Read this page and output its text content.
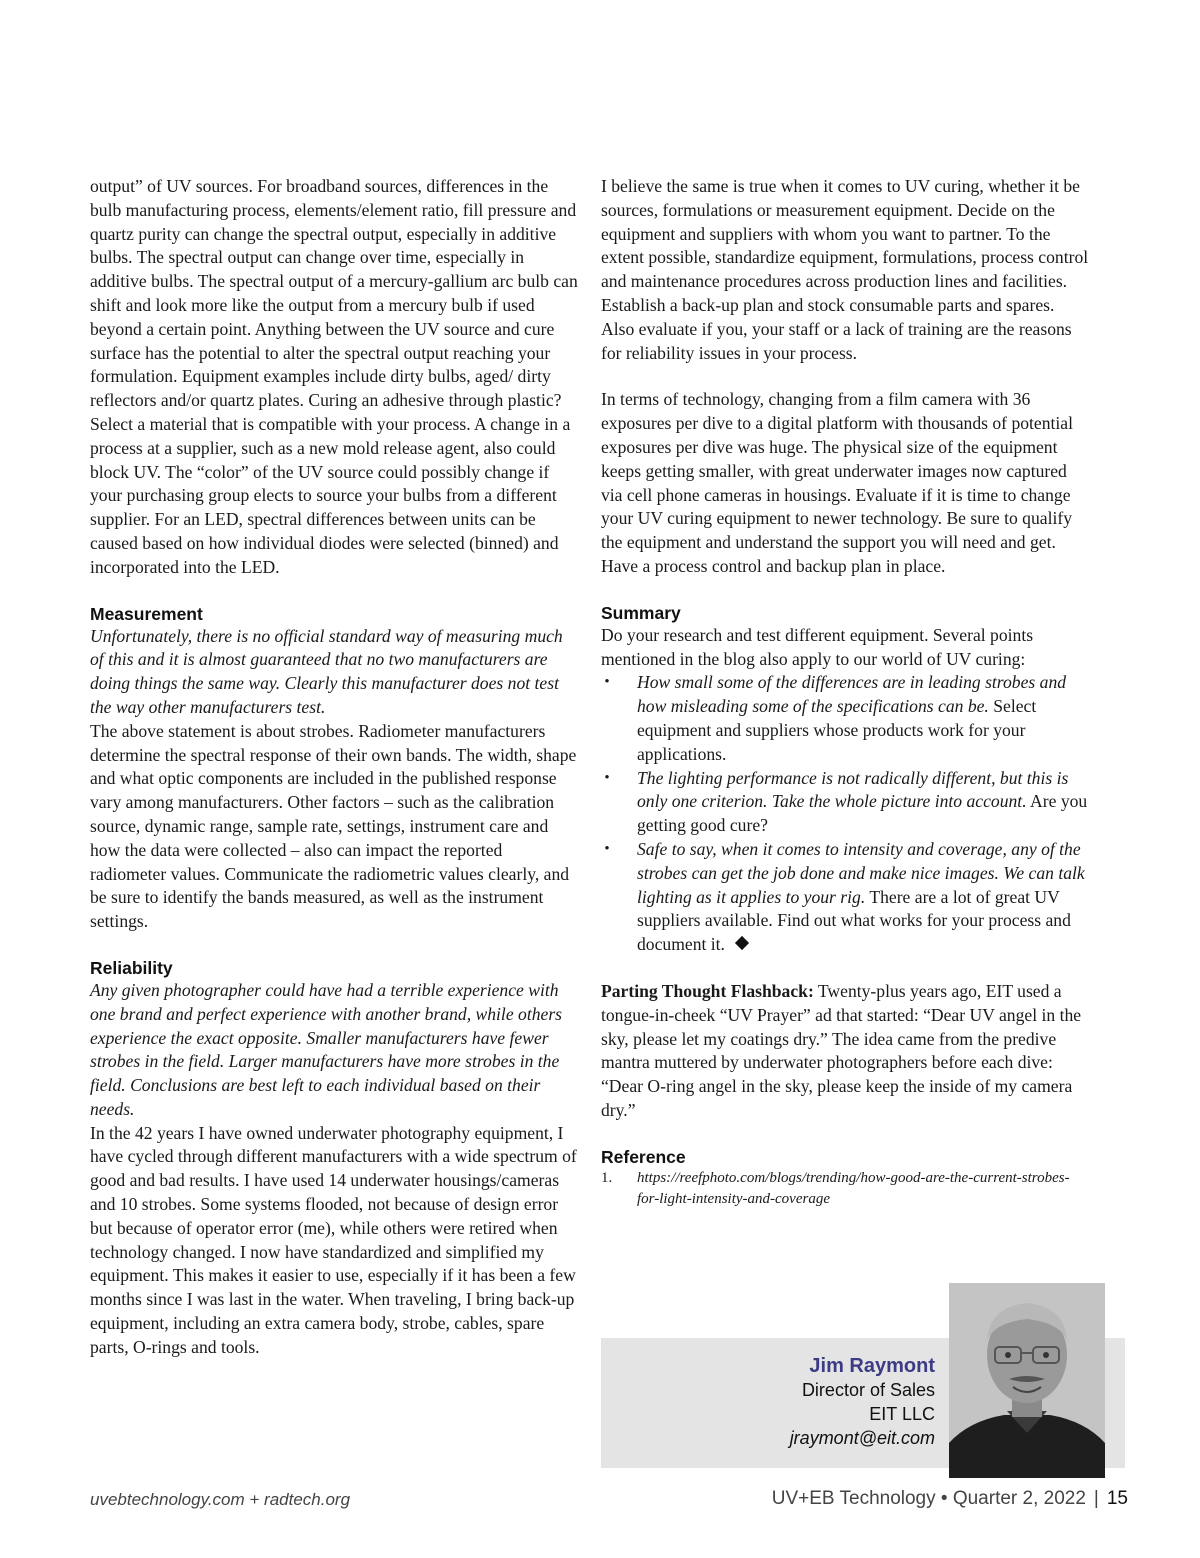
output” of UV sources. For broadband sources, differences in the bulb manufacturing process, elements/element ratio, fill pressure and quartz purity can change the spectral output, especially in additive bulbs. The spectral output can change over time, especially in additive bulbs. The spectral output of a mercury-gallium arc bulb can shift and look more like the output from a mercury bulb if used beyond a certain point. Anything between the UV source and cure surface has the potential to alter the spectral output reaching your formulation. Equipment examples include dirty bulbs, aged/ dirty reflectors and/or quartz plates. Curing an adhesive through plastic? Select a material that is compatible with your process. A change in a process at a supplier, such as a new mold release agent, also could block UV. The “color” of the UV source could possibly change if your purchasing group elects to source your bulbs from a different supplier. For an LED, spectral differences between units can be caused based on how individual diodes were selected (binned) and incorporated into the LED.

Measurement

Unfortunately, there is no official standard way of measuring much of this and it is almost guaranteed that no two manufacturers are doing things the same way. Clearly this manufacturer does not test the way other manufacturers test.

The above statement is about strobes. Radiometer manufacturers determine the spectral response of their own bands. The width, shape and what optic components are included in the published response vary among manufacturers. Other factors – such as the calibration source, dynamic range, sample rate, settings, instrument care and how the data were collected – also can impact the reported radiometer values. Communicate the radiometric values clearly, and be sure to identify the bands measured, as well as the instrument settings.

Reliability

Any given photographer could have had a terrible experience with one brand and perfect experience with another brand, while others experience the exact opposite. Smaller manufacturers have fewer strobes in the field. Larger manufacturers have more strobes in the field. Conclusions are best left to each individual based on their needs.

In the 42 years I have owned underwater photography equipment, I have cycled through different manufacturers with a wide spectrum of good and bad results. I have used 14 underwater housings/cameras and 10 strobes. Some systems flooded, not because of design error but because of operator error (me), while others were retired when technology changed. I now have standardized and simplified my equipment. This makes it easier to use, especially if it has been a few months since I was last in the water. When traveling, I bring back-up equipment, including an extra camera body, strobe, cables, spare parts, O-rings and tools.

I believe the same is true when it comes to UV curing, whether it be sources, formulations or measurement equipment. Decide on the equipment and suppliers with whom you want to partner. To the extent possible, standardize equipment, formulations, process control and maintenance procedures across production lines and facilities. Establish a back-up plan and stock consumable parts and spares. Also evaluate if you, your staff or a lack of training are the reasons for reliability issues in your process.

In terms of technology, changing from a film camera with 36 exposures per dive to a digital platform with thousands of potential exposures per dive was huge. The physical size of the equipment keeps getting smaller, with great underwater images now captured via cell phone cameras in housings. Evaluate if it is time to change your UV curing equipment to newer technology. Be sure to qualify the equipment and understand the support you will need and get. Have a process control and backup plan in place.

Summary

Do your research and test different equipment. Several points mentioned in the blog also apply to our world of UV curing:

• How small some of the differences are in leading strobes and how misleading some of the specifications can be. Select equipment and suppliers whose products work for your applications.
• The lighting performance is not radically different, but this is only one criterion. Take the whole picture into account. Are you getting good cure?
• Safe to say, when it comes to intensity and coverage, any of the strobes can get the job done and make nice images. We can talk lighting as it applies to your rig. There are a lot of great UV suppliers available. Find out what works for your process and document it.

Parting Thought Flashback: Twenty-plus years ago, EIT used a tongue-in-cheek “UV Prayer” ad that started: “Dear UV angel in the sky, please let my coatings dry.” The idea came from the predive mantra muttered by underwater photographers before each dive: “Dear O-ring angel in the sky, please keep the inside of my camera dry.”

Reference
1. https://reefphoto.com/blogs/trending/how-good-are-the-current-strobes-for-light-intensity-and-coverage
Jim Raymont
Director of Sales
EIT LLC
jraymont@eit.com
uvebtechnology.com + radtech.org	UV+EB Technology • Quarter 2, 2022 | 15
